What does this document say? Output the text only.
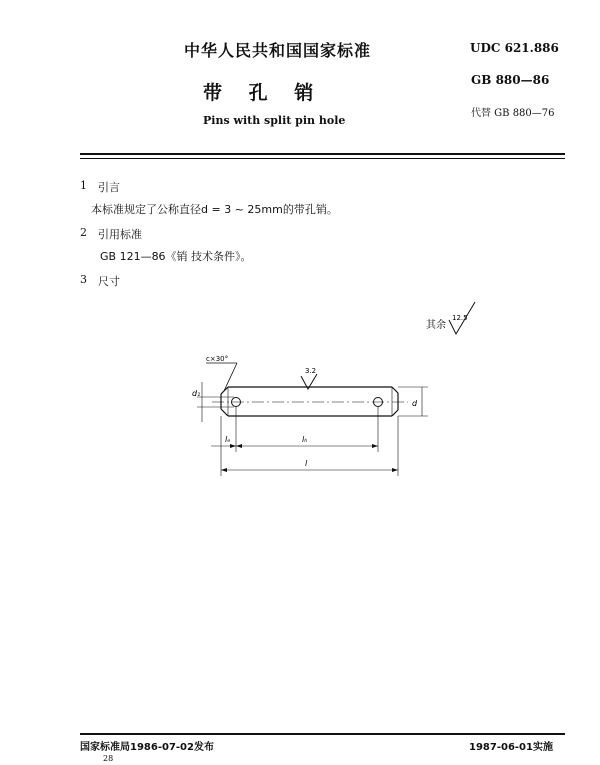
中华人民共和国国家标准	UDC 621.886
带 孔 销
GB 880—86
代替 GB 880—76
Pins with split pin hole
1 引言
本标准规定了公称直径d = 3 ~ 25mm的带孔销。
2 引用标准
GB 121—86《销 技术条件》。
3 尺寸
其余
12.5
c×30°
3.2
d₁
d
lₑ	lₕ
l
国家标准局1986-07-02发布	1987-06-01实施
28
